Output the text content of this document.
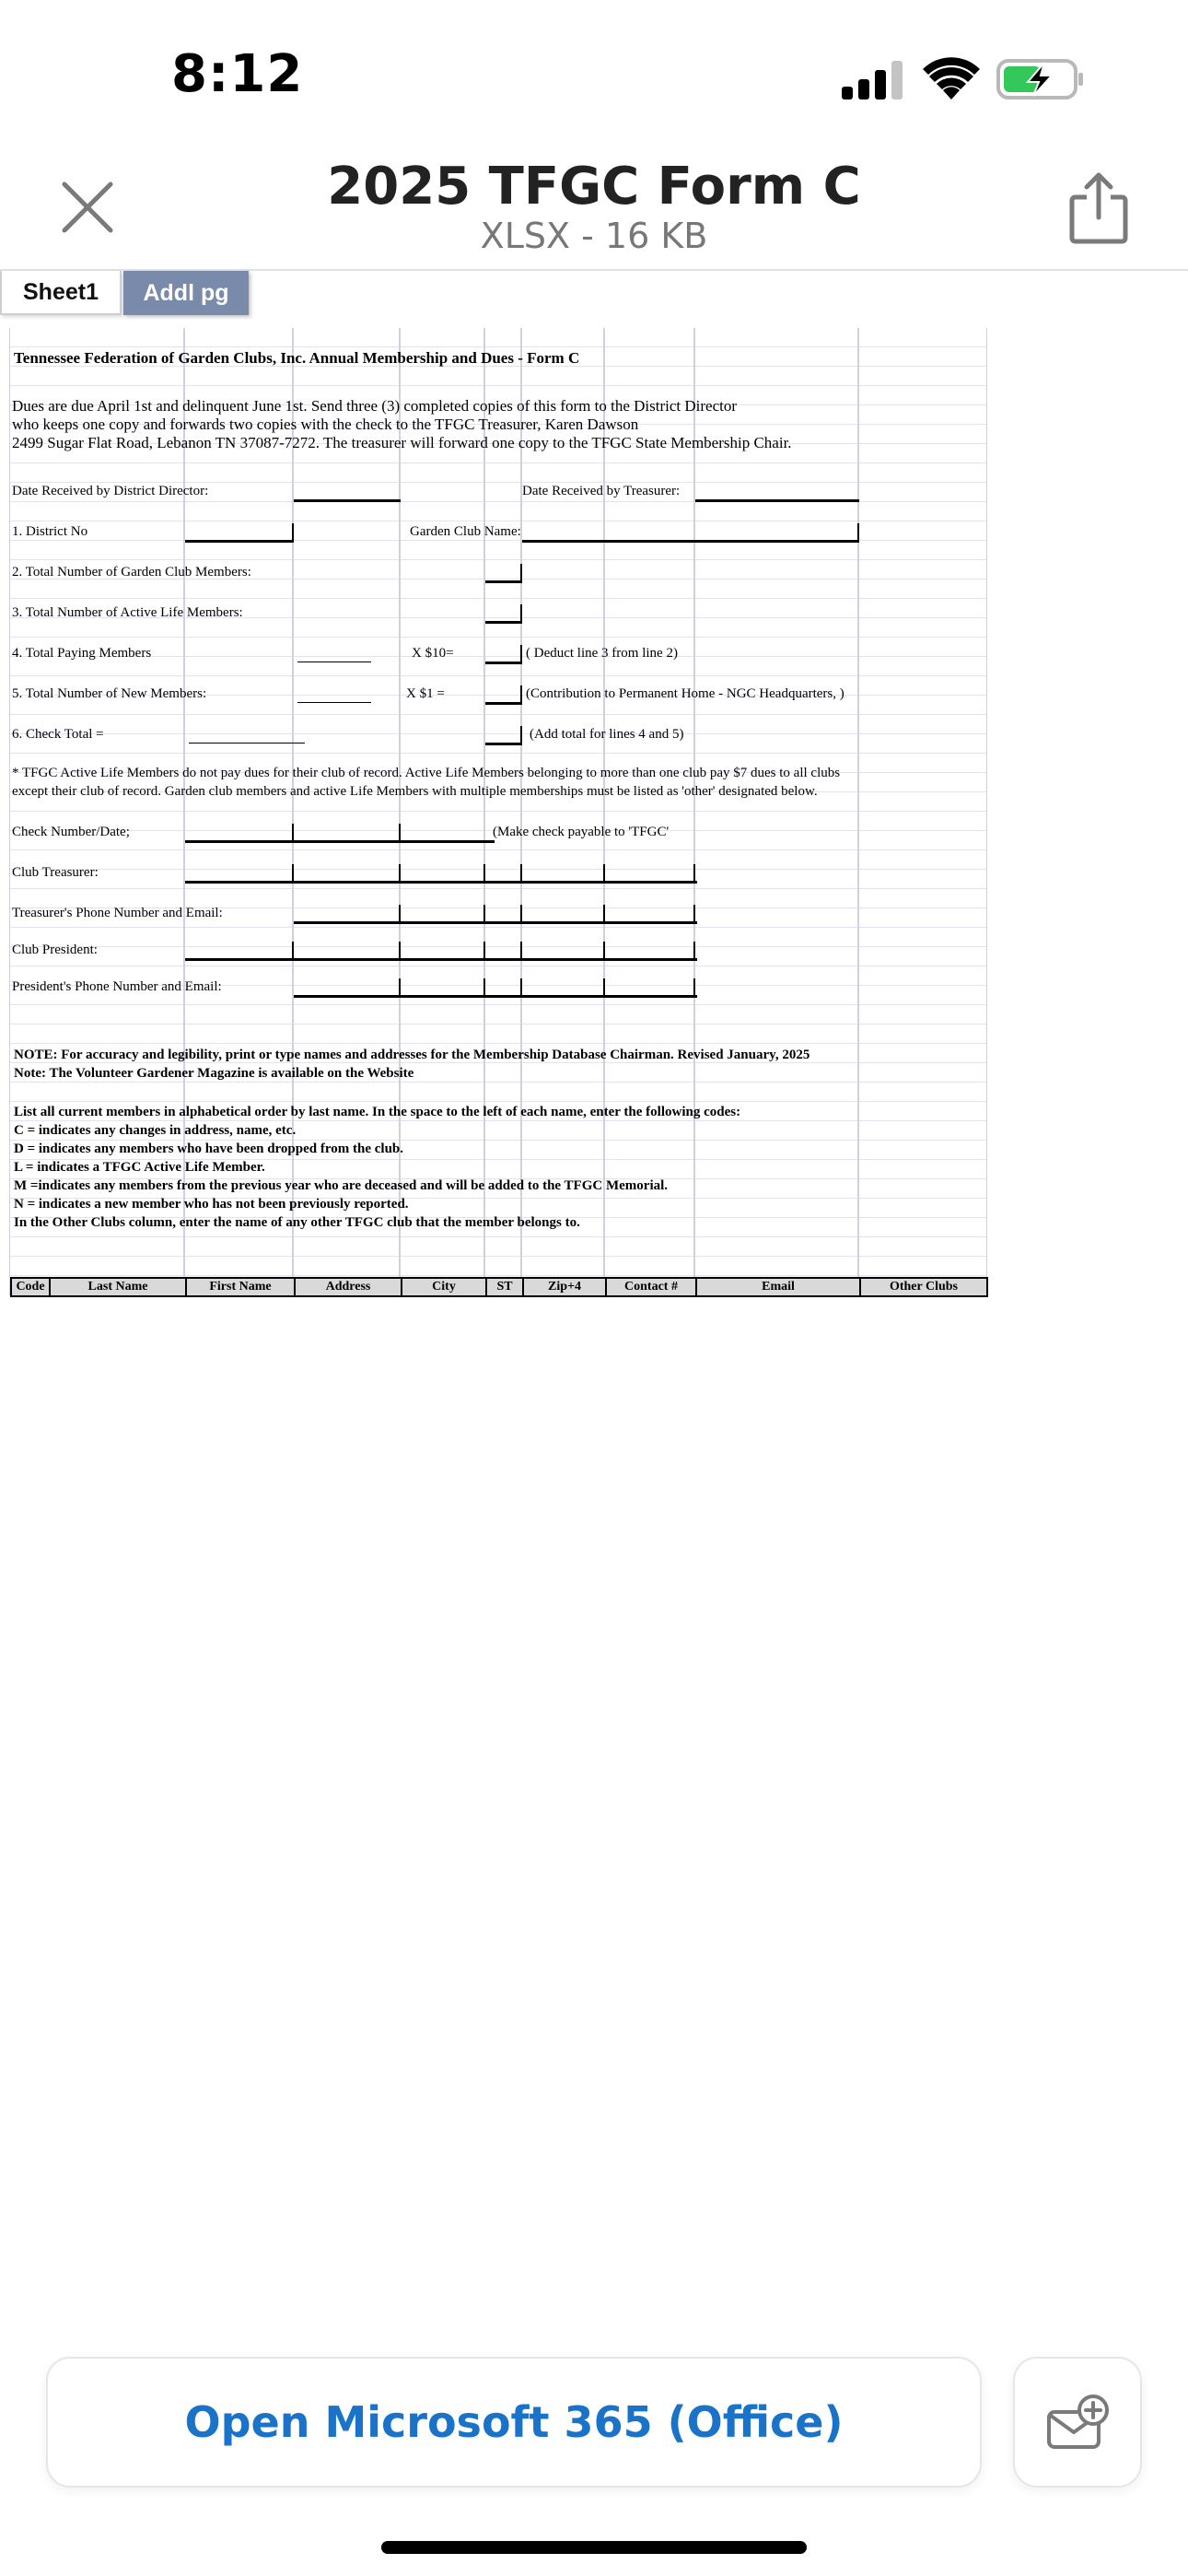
8:12
2025 TFGC Form C
XLSX - 16 KB
Sheet1	Addl pg
Tennessee Federation of Garden Clubs, Inc. Annual Membership and Dues - Form C
Dues are due April 1st and delinquent June 1st. Send three (3) completed copies of this form to the District Director
who keeps one copy and forwards two copies with the check to the TFGC Treasurer, Karen Dawson
2499 Sugar Flat Road, Lebanon TN 37087-7272. The treasurer will forward one copy to the TFGC State Membership Chair.
Date Received by District Director:	Date Received by Treasurer:
1. District No	Garden Club Name:
2. Total Number of Garden Club Members:
3. Total Number of Active Life Members:
4. Total Paying Members	X $10=	( Deduct line 3 from line 2)
5. Total Number of New Members:	X $1 =	(Contribution to Permanent Home - NGC Headquarters, )
6. Check Total =	(Add total for lines 4 and 5)
* TFGC Active Life Members do not pay dues for their club of record. Active Life Members belonging to more than one club pay $7 dues to all clubs
except their club of record. Garden club members and active Life Members with multiple memberships must be listed as 'other' designated below.
Check Number/Date;	(Make check payable to 'TFGC'
Club Treasurer:
Treasurer's Phone Number and Email:
Club President:
President's Phone Number and Email:
NOTE: For accuracy and legibility, print or type names and addresses for the Membership Database Chairman. Revised January, 2025
Note: The Volunteer Gardener Magazine is available on the Website
List all current members in alphabetical order by last name. In the space to the left of each name, enter the following codes:
C = indicates any changes in address, name, etc.
D = indicates any members who have been dropped from the club.
L = indicates a TFGC Active Life Member.
M =indicates any members from the previous year who are deceased and will be added to the TFGC Memorial.
N = indicates a new member who has not been previously reported.
In the Other Clubs column, enter the name of any other TFGC club that the member belongs to.
Code	Last Name	First Name	Address	City	ST	Zip+4	Contact #	Email	Other Clubs
Open Microsoft 365 (Office)
